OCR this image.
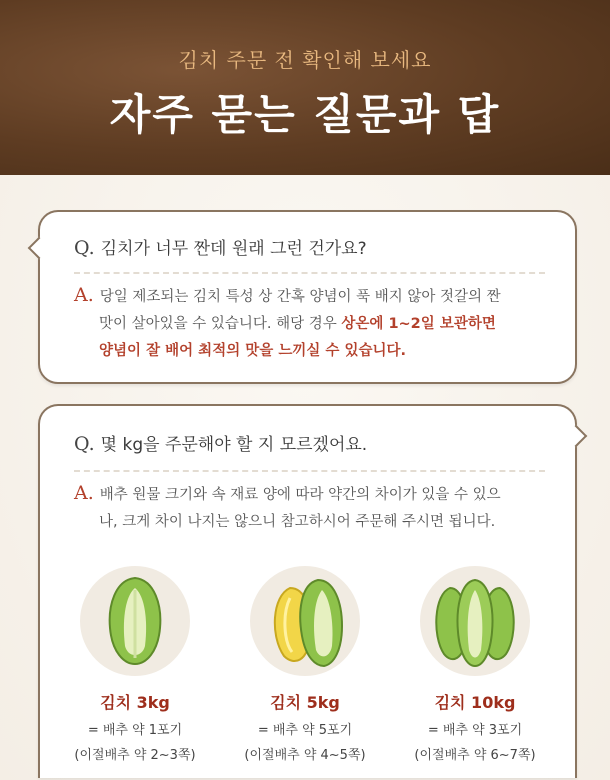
김치 주문 전 확인해 보세요
자주 묻는 질문과 답
Q. 김치가 너무 짠데 원래 그런 건가요?
A. 당일 제조되는 김치 특성 상 간혹 양념이 푹 배지 않아 젓갈의 짠
맛이 살아있을 수 있습니다. 해당 경우 상온에 1~2일 보관하면
양념이 잘 배어 최적의 맛을 느끼실 수 있습니다.
Q. 몇 kg을 주문해야 할 지 모르겠어요.
A. 배추 원물 크기와 속 재료 양에 따라 약간의 차이가 있을 수 있으
나, 크게 차이 나지는 않으니 참고하시어 주문해 주시면 됩니다.
김치 3kg
= 배추 약 1포기
(이절배추 약 2~3쪽)
김치 5kg
= 배추 약 5포기
(이절배추 약 4~5쪽)
김치 10kg
= 배추 약 3포기
(이절배추 약 6~7쪽)
